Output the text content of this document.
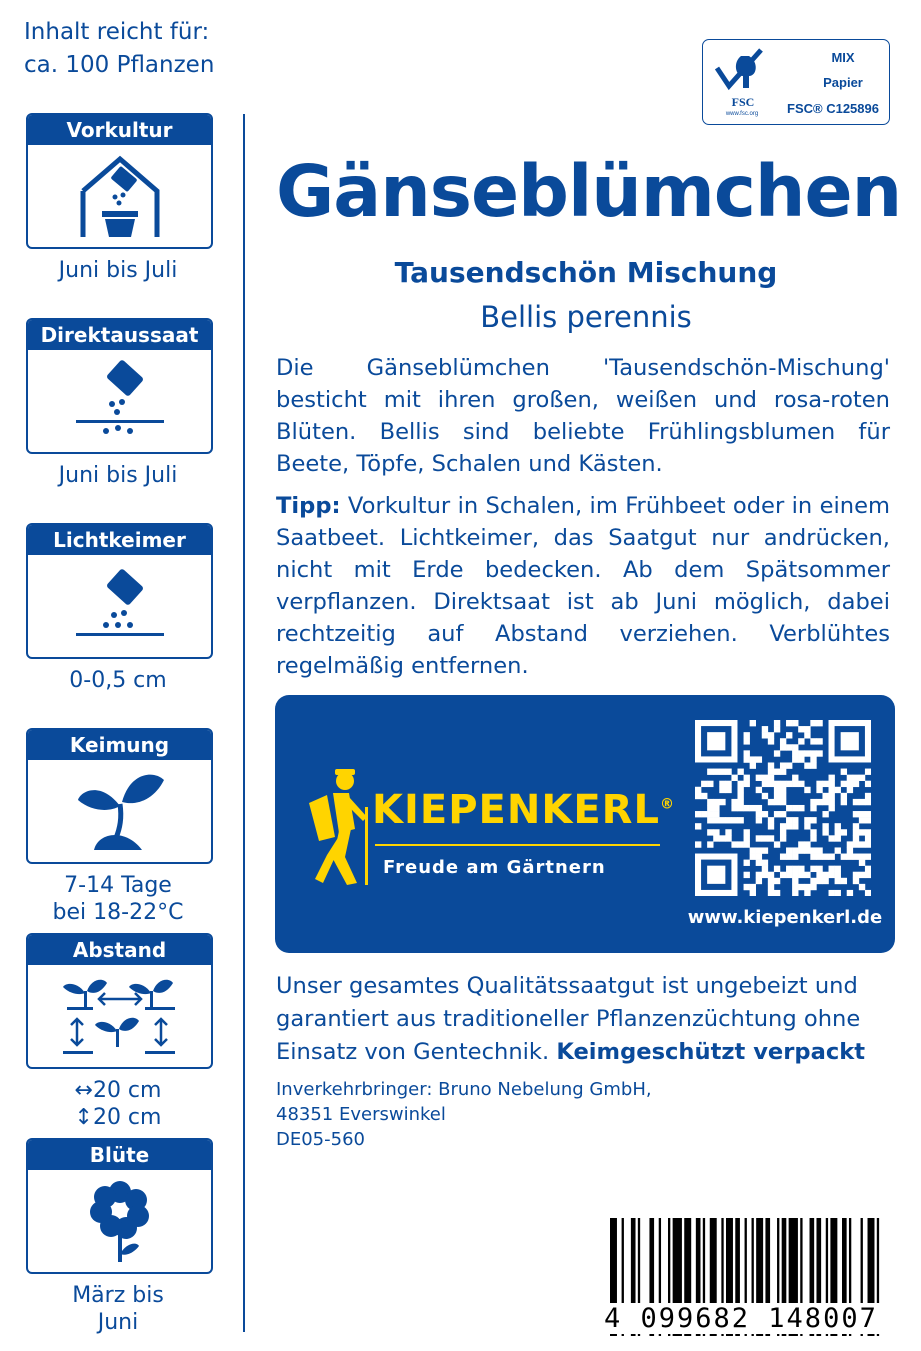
Inhalt reicht für:
ca. 100 Pflanzen
Vorkultur
Juni bis Juli
Direktaussaat
Juni bis Juli
Lichtkeimer
0-0,5 cm
Keimung
7-14 Tage
bei 18-22°C
Abstand
↔20 cm
↕20 cm
Blüte
März bis
Juni
FSC
www.fsc.org
MIX
Papier
FSC® C125896
Gänseblümchen
Tausendschön Mischung
Bellis perennis
Die Gänseblümchen 'Tausendschön-Mischung' besticht mit ihren großen, weißen und rosa-roten Blüten. Bellis sind beliebte Frühlingsblumen für Beete, Töpfe, Schalen und Kästen.
Tipp: Vorkultur in Schalen, im Frühbeet oder in einem Saatbeet. Lichtkeimer, das Saatgut nur andrücken, nicht mit Erde bedecken. Ab dem Spätsommer verpflanzen. Direktsaat ist ab Juni möglich, dabei rechtzeitig auf Abstand verziehen. Verblühtes regelmäßig entfernen.
KIEPENKERL®
Freude am Gärtnern
www.kiepenkerl.de
Unser gesamtes Qualitätssaatgut ist ungebeizt und garantiert aus traditioneller Pflanzenzüchtung ohne Einsatz von Gentechnik. Keimgeschützt verpackt
Inverkehrbringer: Bruno Nebelung GmbH,
48351 Everswinkel
DE05-560
4 099682 148007
